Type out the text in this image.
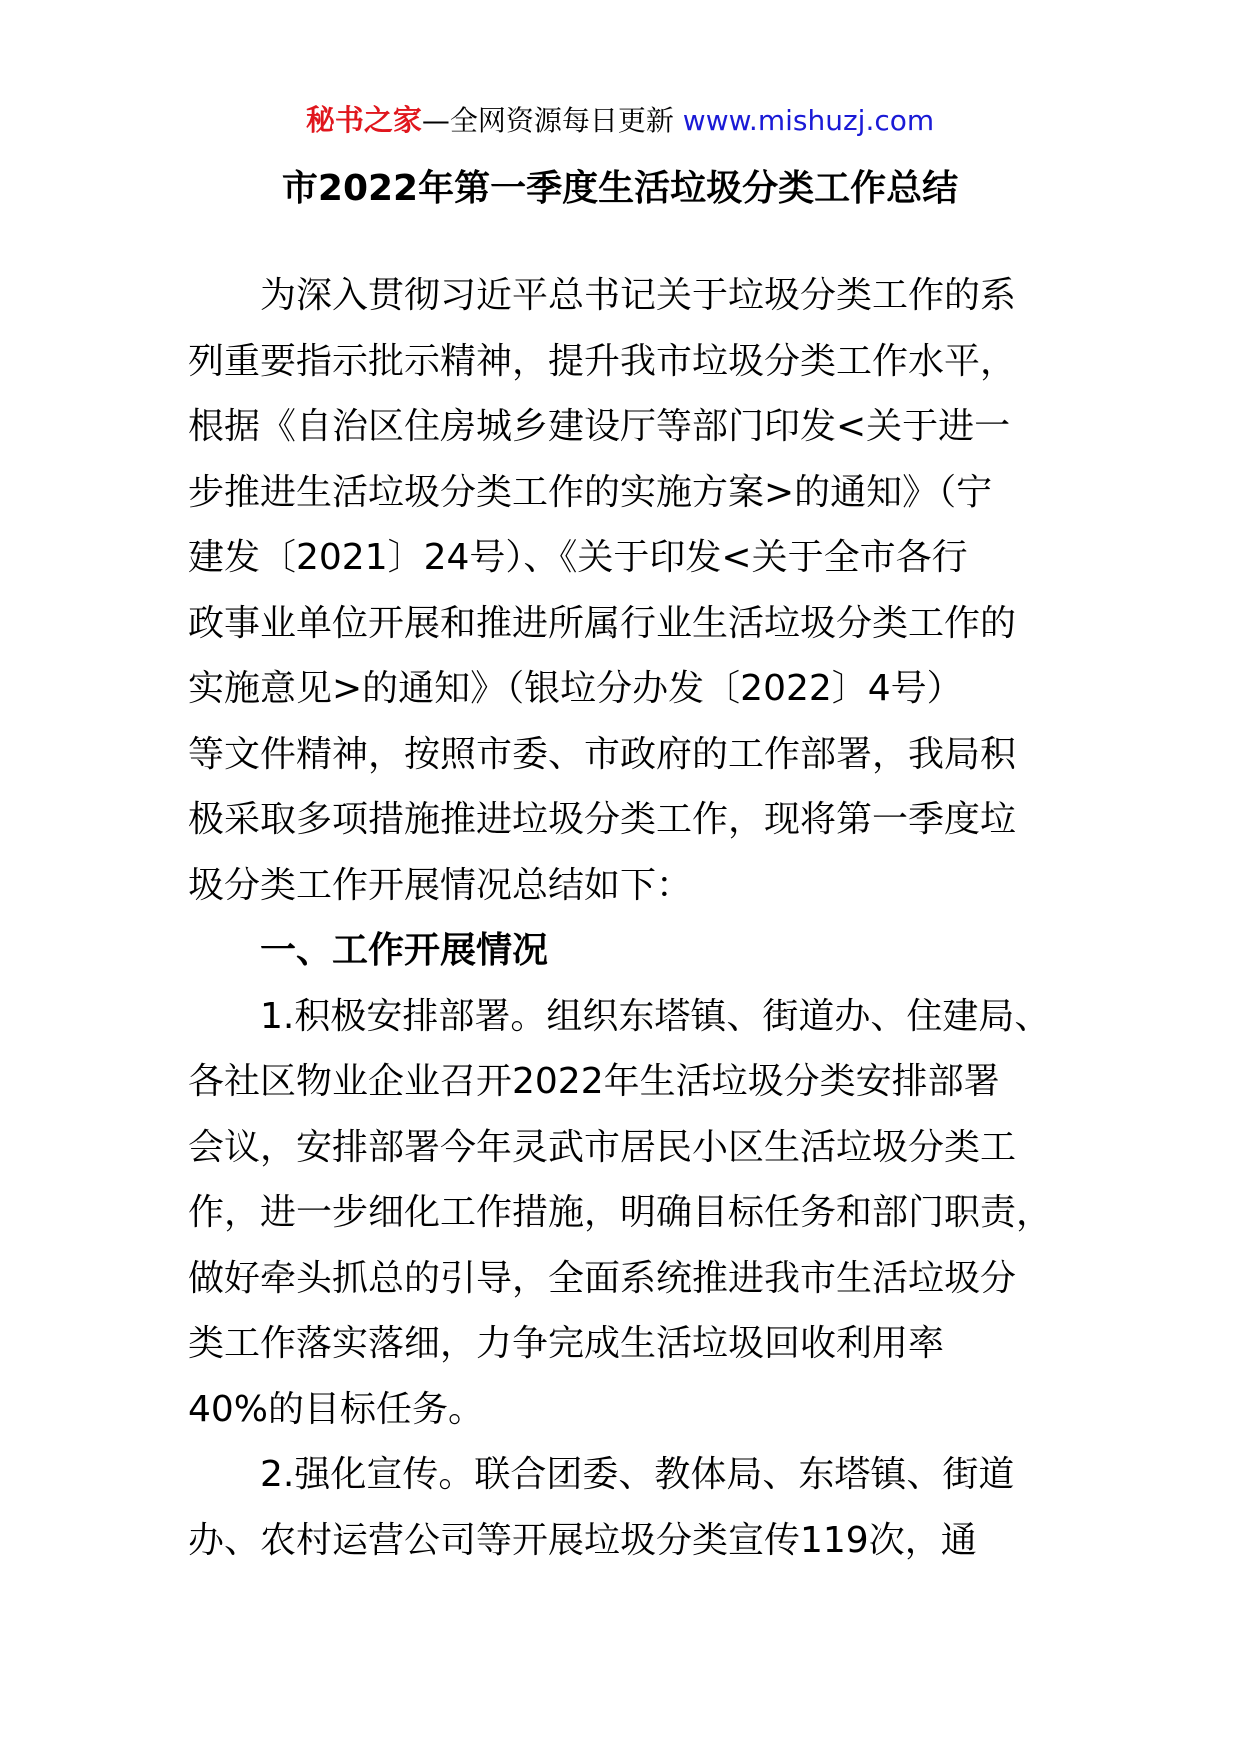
秘书之家—全网资源每日更新 www.mishuzj.com
市2022年第一季度生活垃圾分类工作总结
为深入贯彻习近平总书记关于垃圾分类工作的系
列重要指示批示精神，提升我市垃圾分类工作水平，
根据《自治区住房城乡建设厅等部门印发<关于进一
步推进生活垃圾分类工作的实施方案>的通知》（宁
建发〔2021〕24号）、《关于印发<关于全市各行
政事业单位开展和推进所属行业生活垃圾分类工作的
实施意见>的通知》（银垃分办发〔2022〕4号）
等文件精神，按照市委、市政府的工作部署，我局积
极采取多项措施推进垃圾分类工作，现将第一季度垃
圾分类工作开展情况总结如下：
一、工作开展情况
1.积极安排部署。组织东塔镇、街道办、住建局、
各社区物业企业召开2022年生活垃圾分类安排部署
会议，安排部署今年灵武市居民小区生活垃圾分类工
作，进一步细化工作措施，明确目标任务和部门职责，
做好牵头抓总的引导，全面系统推进我市生活垃圾分
类工作落实落细，力争完成生活垃圾回收利用率
40%的目标任务。
2.强化宣传。联合团委、教体局、东塔镇、街道
办、农村运营公司等开展垃圾分类宣传119次，通
